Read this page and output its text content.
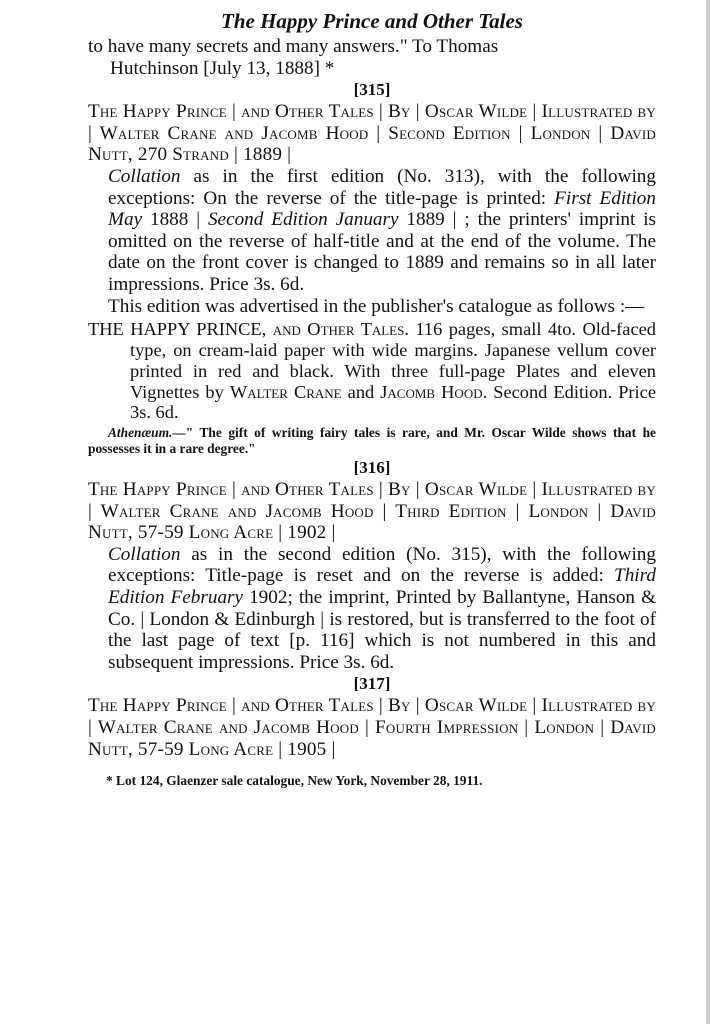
The Happy Prince and Other Tales

to have many secrets and many answers." To Thomas

Hutchinson [July 13, 1888] *

[315]

The Happy Prince | and Other Tales | By | Oscar Wilde | Illustrated by | Walter Crane and Jacomb Hood | Second Edition | London | David Nutt, 270 Strand | 1889 |

Collation as in the first edition (No. 313), with the following exceptions: On the reverse of the title-page is printed: First Edition May 1888 | Second Edition January 1889 | ; the printers' imprint is omitted on the reverse of half-title and at the end of the volume. The date on the front cover is changed to 1889 and remains so in all later impressions. Price 3s. 6d.

This edition was advertised in the publisher's catalogue as follows :—

THE HAPPY PRINCE, and Other Tales. 116 pages, small 4to. Old-faced type, on cream-laid paper with wide margins. Japanese vellum cover printed in red and black. With three full-page Plates and eleven Vignettes by Walter Crane and Jacomb Hood. Second Edition. Price 3s. 6d.

Athenæum.—" The gift of writing fairy tales is rare, and Mr. Oscar Wilde shows that he possesses it in a rare degree."

[316]

The Happy Prince | and Other Tales | By | Oscar Wilde | Illustrated by | Walter Crane and Jacomb Hood | Third Edition | London | David Nutt, 57-59 Long Acre | 1902 |

Collation as in the second edition (No. 315), with the following exceptions: Title-page is reset and on the reverse is added: Third Edition February 1902; the imprint, Printed by Ballantyne, Hanson & Co. | London & Edinburgh | is restored, but is transferred to the foot of the last page of text [p. 116] which is not numbered in this and subsequent impressions. Price 3s. 6d.

[317]

The Happy Prince | and Other Tales | By | Oscar Wilde | Illustrated by | Walter Crane and Jacomb Hood | Fourth Impression | London | David Nutt, 57-59 Long Acre | 1905 |

* Lot 124, Glaenzer sale catalogue, New York, November 28, 1911.
